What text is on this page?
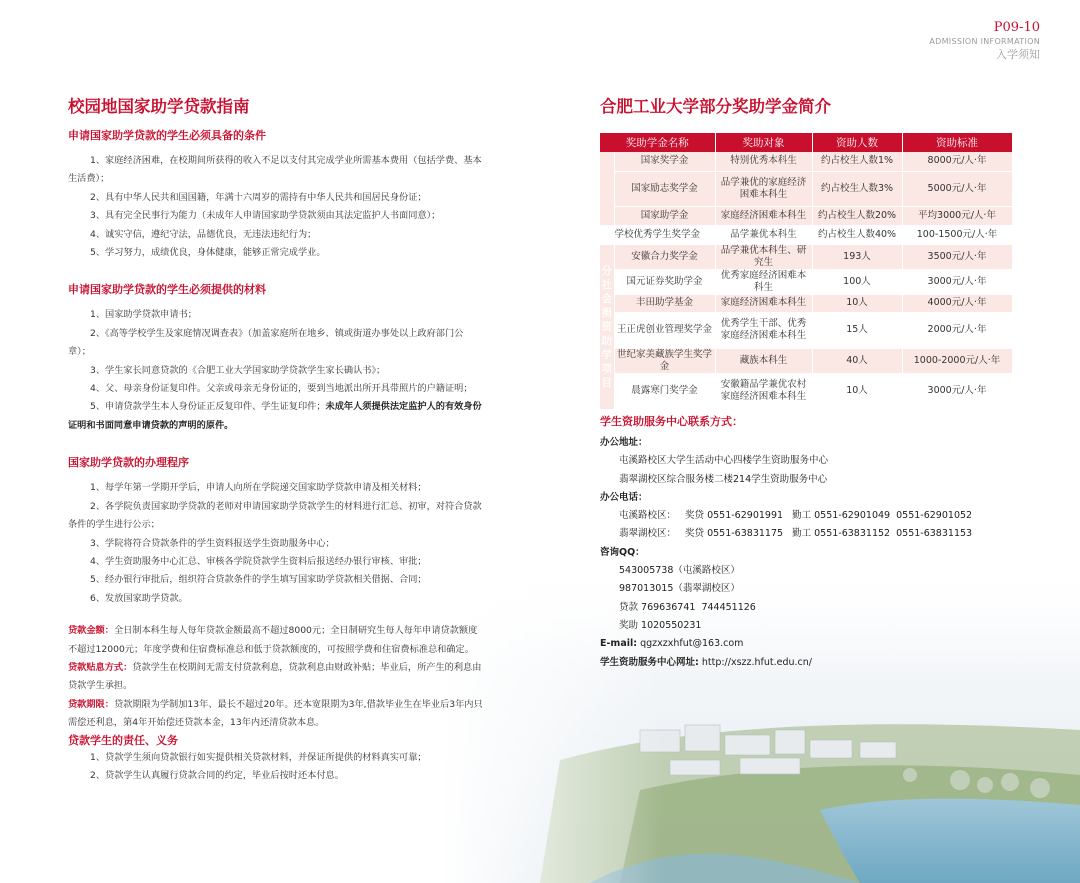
P09-10
ADMISSION INFORMATION
入学须知
校园地国家助学贷款指南

申请国家助学贷款的学生必须具备的条件

1、家庭经济困难，在校期间所获得的收入不足以支付其完成学业所需基本费用（包括学费、基本生活费）；

2、具有中华人民共和国国籍，年满十六周岁的需持有中华人民共和国居民身份证；

3、具有完全民事行为能力（未成年人申请国家助学贷款须由其法定监护人书面同意）；

4、诚实守信，遵纪守法，品德优良，无违法违纪行为；

5、学习努力，成绩优良，身体健康，能够正常完成学业。

申请国家助学贷款的学生必须提供的材料

1、国家助学贷款申请书；

2、《高等学校学生及家庭情况调查表》（加盖家庭所在地乡、镇或街道办事处以上政府部门公章）；

3、学生家长同意贷款的《合肥工业大学国家助学贷款学生家长确认书》；

4、父、母亲身份证复印件。父亲或母亲无身份证的，要到当地派出所开具带照片的户籍证明；

5、申请贷款学生本人身份证正反复印件、学生证复印件；未成年人须提供法定监护人的有效身份证明和书面同意申请贷款的声明的原件。

国家助学贷款的办理程序

1、每学年第一学期开学后，申请人向所在学院递交国家助学贷款申请及相关材料；

2、各学院负责国家助学贷款的老师对申请国家助学贷款学生的材料进行汇总、初审，对符合贷款条件的学生进行公示；

3、学院将符合贷款条件的学生资料报送学生资助服务中心；

4、学生资助服务中心汇总、审核各学院贷款学生资料后报送经办银行审核、审批；

5、经办银行审批后，组织符合贷款条件的学生填写国家助学贷款相关借据、合同；

6、发放国家助学贷款。

贷款金额：全日制本科生每人每年贷款金额最高不超过8000元；全日制研究生每人每年申请贷款额度不超过12000元；年度学费和住宿费标准总和低于贷款额度的，可按照学费和住宿费标准总和确定。

贷款贴息方式：贷款学生在校期间无需支付贷款利息，贷款利息由财政补贴；毕业后，所产生的利息由贷款学生承担。

贷款期限：贷款期限为学制加13年、最长不超过20年。还本宽限期为3年,借款毕业生在毕业后3年内只需偿还利息，第4年开始偿还贷款本金，13年内还清贷款本息。

贷款学生的责任、义务

1、贷款学生须向贷款银行如实提供相关贷款材料，并保证所提供的材料真实可靠；

2、贷款学生认真履行贷款合同的约定，毕业后按时还本付息。

合肥工业大学部分奖助学金简介
奖助学金名称		奖助对象	资助人数	资助标准
	国家奖学金	特别优秀本科生	约占校生人数1%	8000元/人·年
	国家励志奖学金	品学兼优的家庭经济困难本科生	约占校生人数3%	5000元/人·年
	国家助学金	家庭经济困难本科生	约占校生人数20%	平均3000元/人·年
学校优秀学生奖学金		品学兼优本科生	约占校生人数40%	100-1500元/人·年

分社会捐资助学项目	安徽合力奖学金	品学兼优本科生、研究生	193人	3500元/人·年
	国元证券奖助学金	优秀家庭经济困难本科生	100人	3000元/人·年
	丰田助学基金	家庭经济困难本科生	10人	4000元/人·年
	王正虎创业管理奖学金	优秀学生干部、优秀家庭经济困难本科生	15人	2000元/人·年
	世纪家美藏族学生奖学金	藏族本科生	40人	1000-2000元/人·年
	晨露寒门奖学金	安徽籍品学兼优农村家庭经济困难本科生	10人	3000元/人·年
学生资助服务中心联系方式：
办公地址：
屯溪路校区大学生活动中心四楼学生资助服务中心
翡翠湖校区综合服务楼二楼214学生资助服务中心
办公电话：
屯溪路校区：   奖贷 0551-62901991   勤工 0551-62901049  0551-62901052
翡翠湖校区：   奖贷 0551-63831175   勤工 0551-63831152  0551-63831153
咨询QQ：
543005738（屯溪路校区）
987013015（翡翠湖校区）
贷款 769636741  744451126
奖助 1020550231
E-mail: qgzxzxhfut@163.com
学生资助服务中心网址: http://xszz.hfut.edu.cn/
